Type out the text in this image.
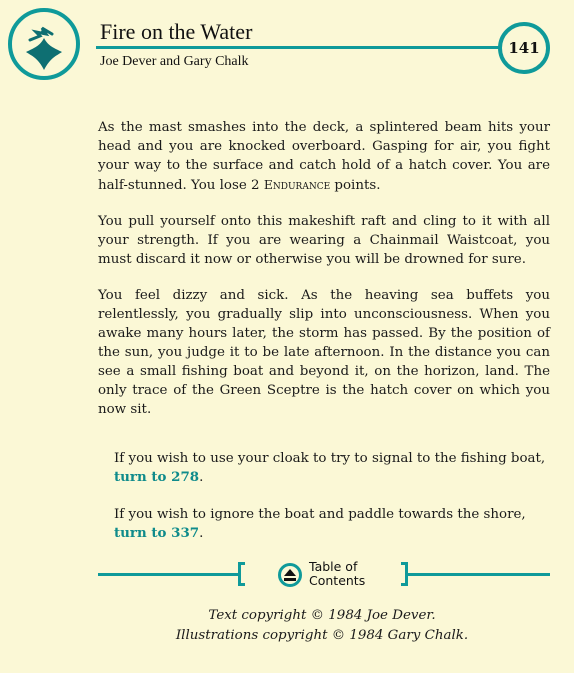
Fire on the Water
Joe Dever and Gary Chalk
141

As the mast smashes into the deck, a splintered beam hits your head and you are knocked overboard. Gasping for air, you fight your way to the surface and catch hold of a hatch cover. You are half-stunned. You lose 2 Endurance points.

You pull yourself onto this makeshift raft and cling to it with all your strength. If you are wearing a Chainmail Waistcoat, you must discard it now or otherwise you will be drowned for sure.

You feel dizzy and sick. As the heaving sea buffets you relentlessly, you gradually slip into unconsciousness. When you awake many hours later, the storm has passed. By the position of the sun, you judge it to be late afternoon. In the distance you can see a small fishing boat and beyond it, on the horizon, land. The only trace of the Green Sceptre is the hatch cover on which you now sit.

If you wish to use your cloak to try to signal to the fishing boat, turn to 278.

If you wish to ignore the boat and paddle towards the shore, turn to 337.

Table of
Contents
Text copyright © 1984 Joe Dever.
Illustrations copyright © 1984 Gary Chalk.
